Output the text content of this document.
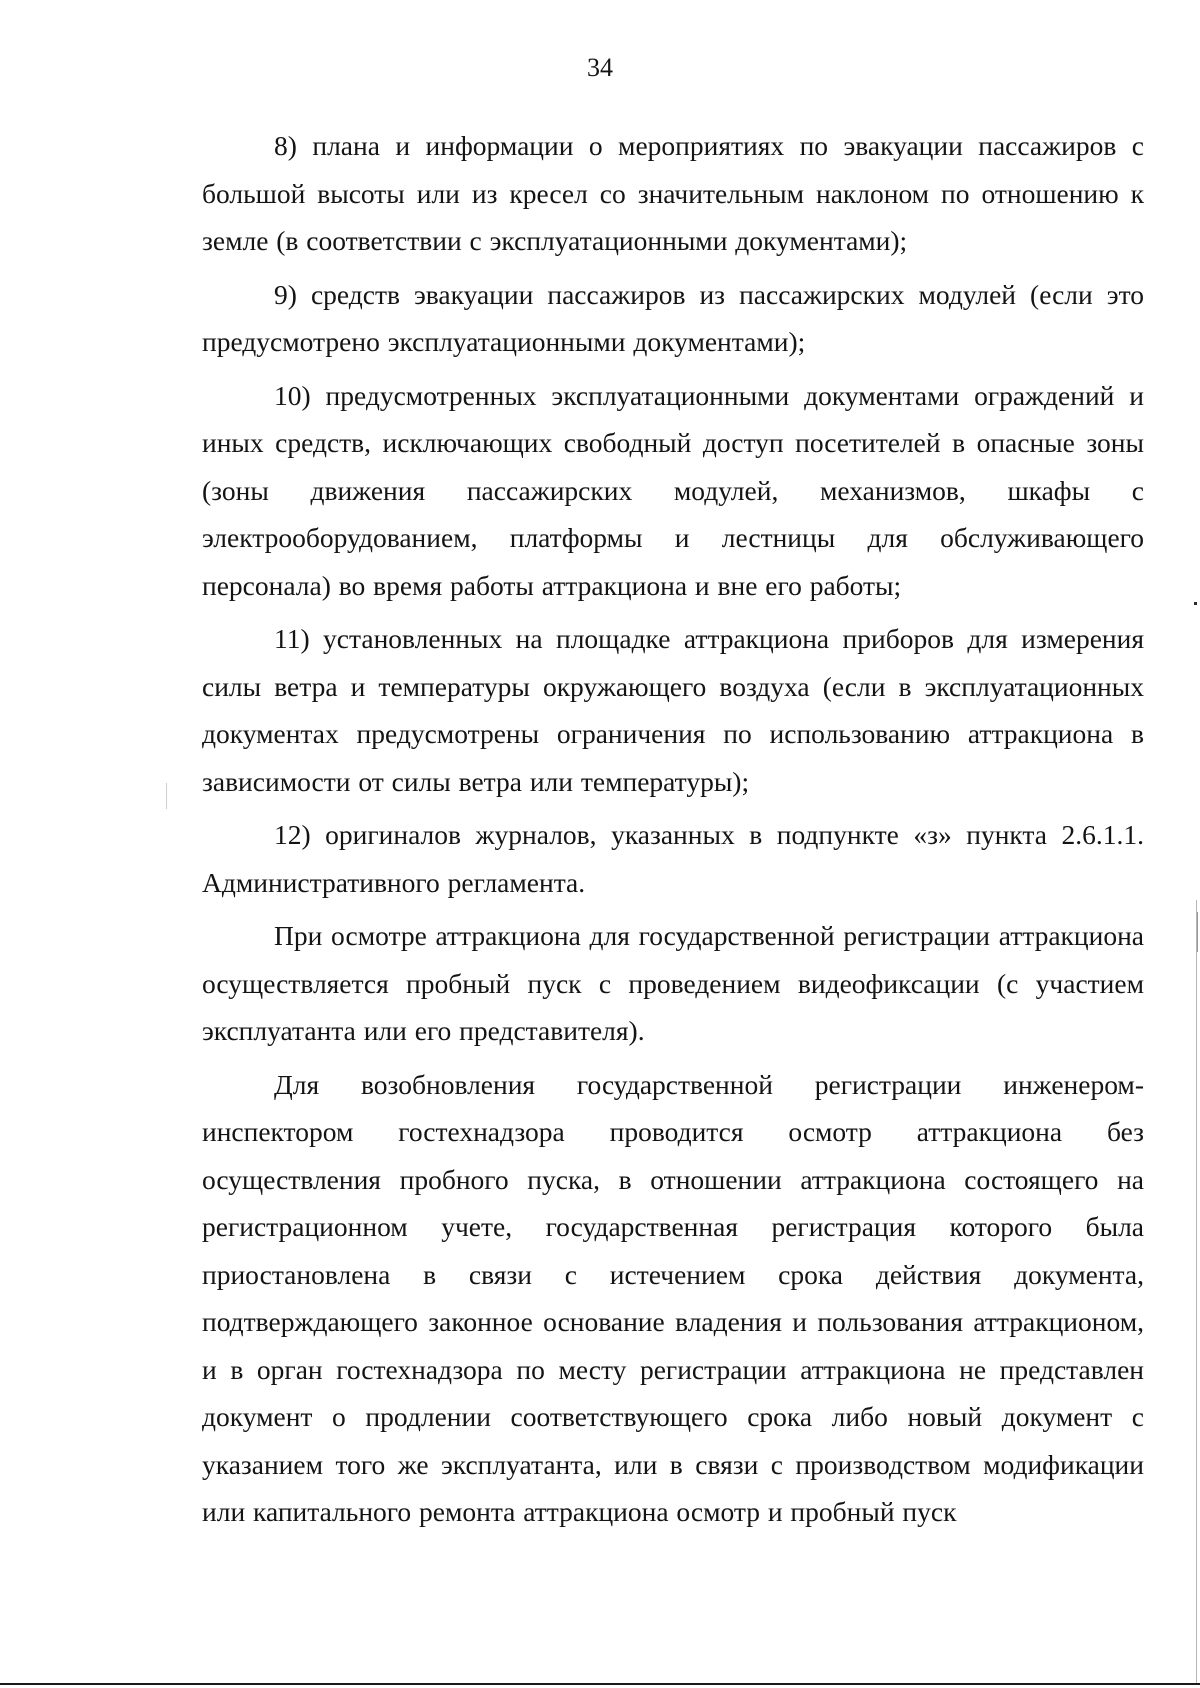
34

8) плана и информации о мероприятиях по эвакуации пассажиров с большой высоты или из кресел со значительным наклоном по отношению к земле (в соответствии с эксплуатационными документами);

9) средств эвакуации пассажиров из пассажирских модулей (если это предусмотрено эксплуатационными документами);

10) предусмотренных эксплуатационными документами ограждений и иных средств, исключающих свободный доступ посетителей в опасные зоны (зоны движения пассажирских модулей, механизмов, шкафы с электрооборудованием, платформы и лестницы для обслуживающего персонала) во время работы аттракциона и вне его работы;

11) установленных на площадке аттракциона приборов для измерения силы ветра и температуры окружающего воздуха (если в эксплуатационных документах предусмотрены ограничения по использованию аттракциона в зависимости от силы ветра или температуры);

12) оригиналов журналов, указанных в подпункте «з» пункта 2.6.1.1. Административного регламента.

При осмотре аттракциона для государственной регистрации аттракциона осуществляется пробный пуск с проведением видеофиксации (с участием эксплуатанта или его представителя).

Для возобновления государственной регистрации инженером-инспектором гостехнадзора проводится осмотр аттракциона без осуществления пробного пуска, в отношении аттракциона состоящего на регистрационном учете, государственная регистрация которого была приостановлена в связи с истечением срока действия документа, подтверждающего законное основание владения и пользования аттракционом, и в орган гостехнадзора по месту регистрации аттракциона не представлен документ о продлении соответствующего срока либо новый документ с указанием того же эксплуатанта, или в связи с производством модификации или капитального ремонта аттракциона осмотр и пробный пуск
